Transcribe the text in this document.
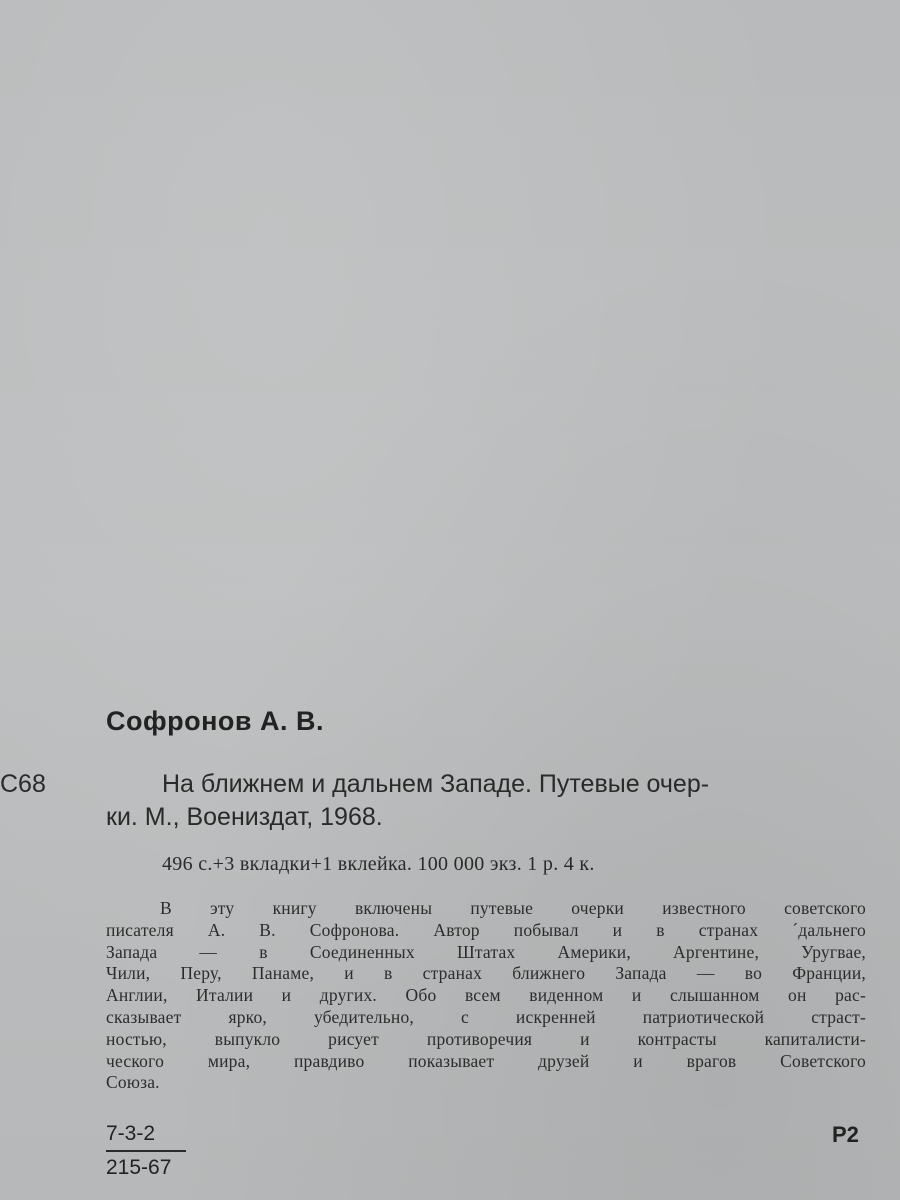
Софронов А. В.
С68	На ближнем и дальнем Западе. Путевые очер-
ки. М., Воениздат, 1968.
496 с.+3 вкладки+1 вклейка. 100 000 экз. 1 р. 4 к.
В эту книгу включены путевые очерки известного советского
писателя А. В. Софронова. Автор побывал и в странах ´дальнего
Запада — в Соединенных Штатах Америки, Аргентине, Уругвае,
Чили, Перу, Панаме, и в странах ближнего Запада — во Франции,
Англии, Италии и других. Обо всем виденном и слышанном он рас-
сказывает ярко, убедительно, с искренней патриотической страст-
ностью, выпукло рисует противоречия и контрасты капиталисти-
ческого мира, правдиво показывает друзей и врагов Советского
Союза.
7-3-2
215-67
Р2
